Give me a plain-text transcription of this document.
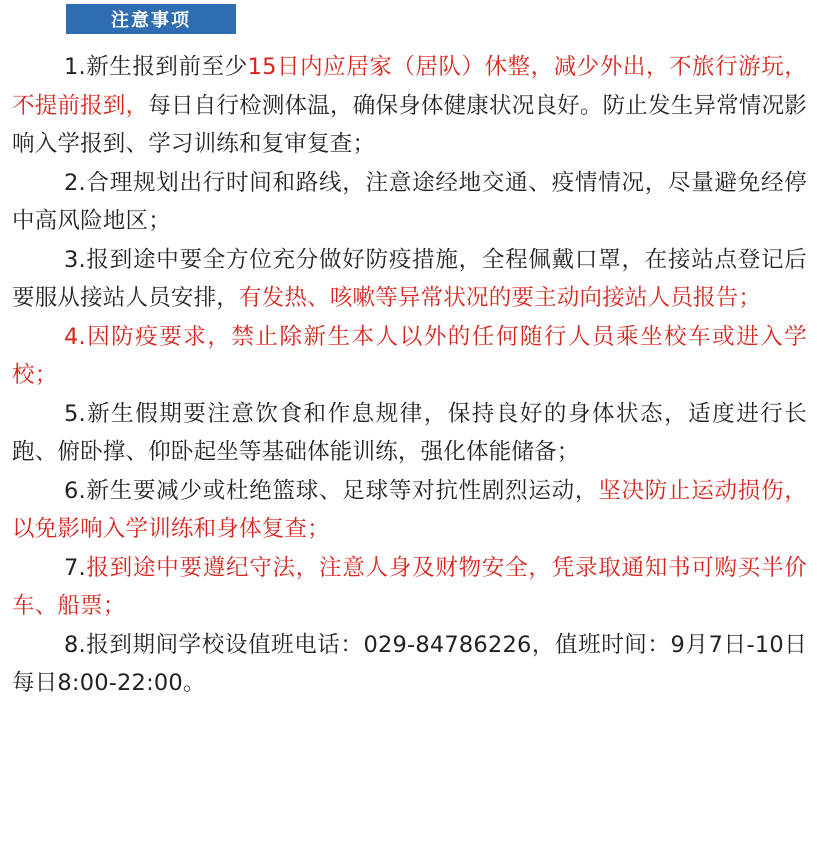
注意事项

1.新生报到前至少15日内应居家（居队）休整，减少外出，不旅行游玩，不提前报到，每日自行检测体温，确保身体健康状况良好。防止发生异常情况影响入学报到、学习训练和复审复查；

2.合理规划出行时间和路线，注意途经地交通、疫情情况，尽量避免经停中高风险地区；

3.报到途中要全方位充分做好防疫措施，全程佩戴口罩，在接站点登记后要服从接站人员安排，有发热、咳嗽等异常状况的要主动向接站人员报告；

4.因防疫要求，禁止除新生本人以外的任何随行人员乘坐校车或进入学校；

5.新生假期要注意饮食和作息规律，保持良好的身体状态，适度进行长跑、俯卧撑、仰卧起坐等基础体能训练，强化体能储备；

6.新生要减少或杜绝篮球、足球等对抗性剧烈运动，坚决防止运动损伤，以免影响入学训练和身体复查；

7.报到途中要遵纪守法，注意人身及财物安全，凭录取通知书可购买半价车、船票；

8.报到期间学校设值班电话：029-84786226，值班时间：9月7日-10日每日8:00-22:00。
